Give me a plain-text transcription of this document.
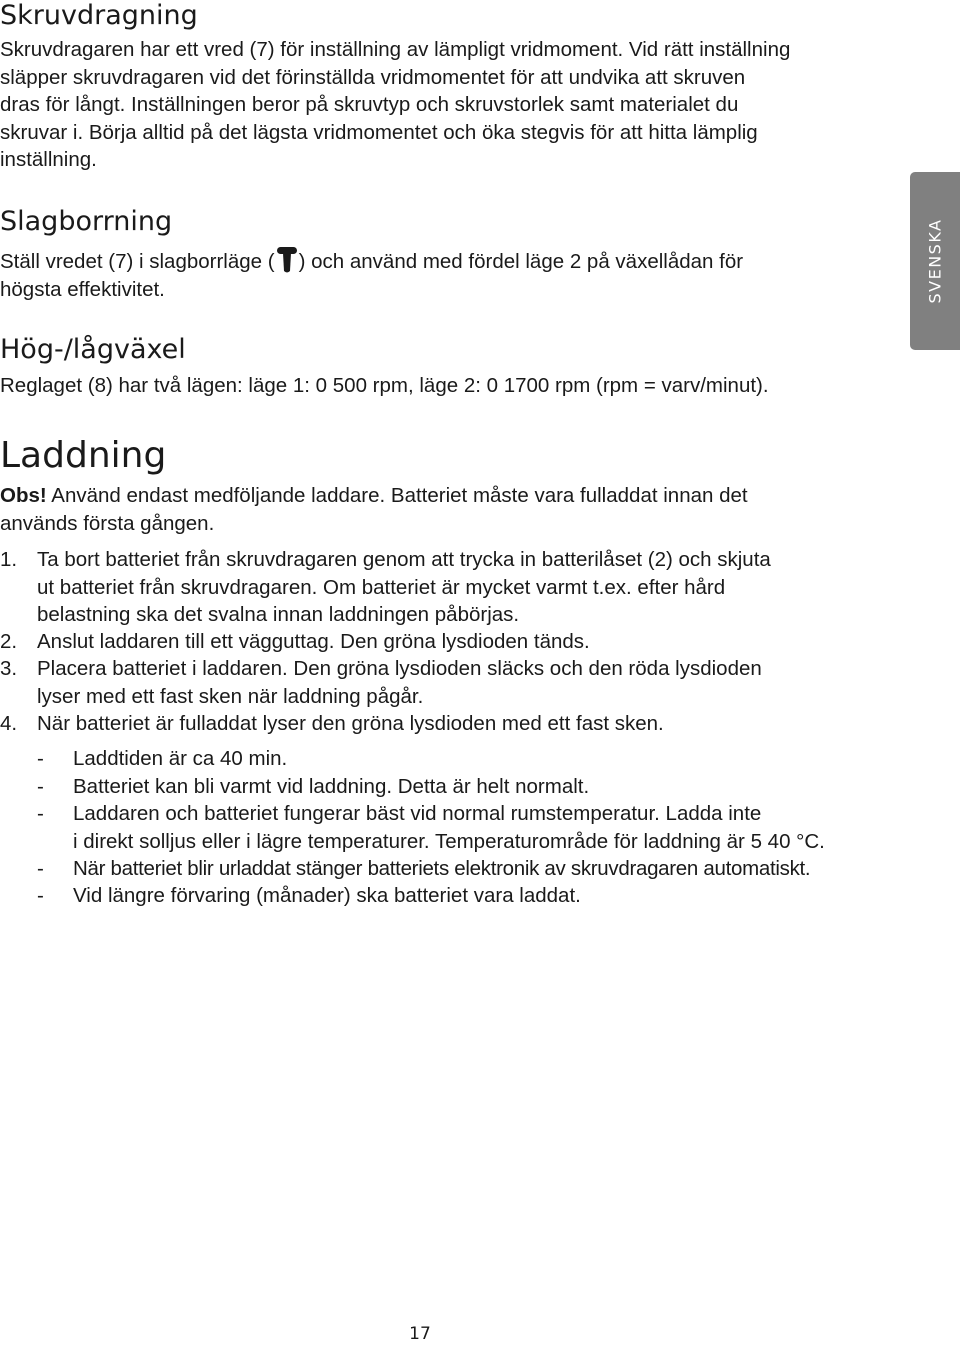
Skruvdragning
Skruvdragaren har ett vred (7) för inställning av lämpligt vridmoment. Vid rätt inställning
släpper skruvdragaren vid det förinställda vridmomentet för att undvika att skruven
dras för långt. Inställningen beror på skruvtyp och skruvstorlek samt materialet du
skruvar i. Börja alltid på det lägsta vridmomentet och öka stegvis för att hitta lämplig
inställning.
Slagborrning
Ställ vredet (7) i slagborrläge ( ) och använd med fördel läge 2 på växellådan för
högsta effektivitet.
Hög-/lågväxel
Reglaget (8) har två lägen: läge 1: 0 500 rpm, läge 2: 0 1700 rpm (rpm = varv/minut).
Laddning
Obs! Använd endast medföljande laddare. Batteriet måste vara fulladdat innan det
används första gången.
1. Ta bort batteriet från skruvdragaren genom att trycka in batterilåset (2) och skjuta
ut batteriet från skruvdragaren. Om batteriet är mycket varmt t.ex. efter hård
belastning ska det svalna innan laddningen påbörjas.
2. Anslut laddaren till ett vägguttag. Den gröna lysdioden tänds.
3. Placera batteriet i laddaren. Den gröna lysdioden släcks och den röda lysdioden
lyser med ett fast sken när laddning pågår.
4. När batteriet är fulladdat lyser den gröna lysdioden med ett fast sken.
- Laddtiden är ca 40 min.
- Batteriet kan bli varmt vid laddning. Detta är helt normalt.
- Laddaren och batteriet fungerar bäst vid normal rumstemperatur. Ladda inte
i direkt solljus eller i lägre temperaturer. Temperaturområde för laddning är 5 40 °C.
- När batteriet blir urladdat stänger batteriets elektronik av skruvdragaren automatiskt.
- Vid längre förvaring (månader) ska batteriet vara laddat.
SVENSKA
17
